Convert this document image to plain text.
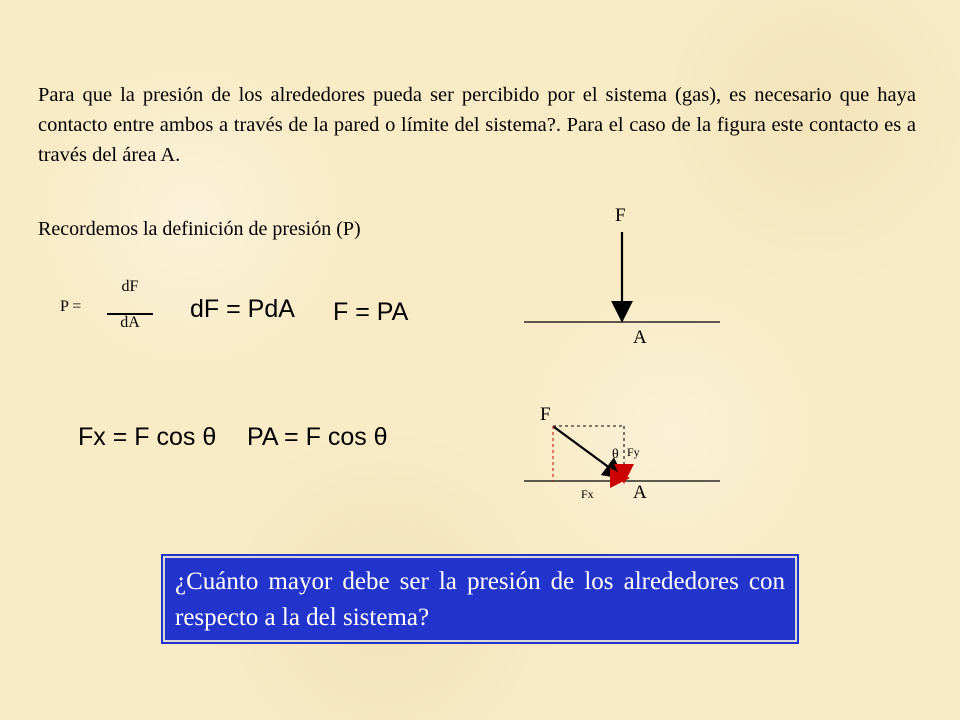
Para que la presión de los alrededores pueda ser percibido por el sistema (gas), es necesario que haya contacto entre ambos a través de la pared o límite del sistema?. Para el caso de la figura este contacto es a través del área A.
Recordemos la definición de presión (P)
P =
dF
dA	dF = PdA F = PA
Fx = F cos θ PA = F cos θ
F
A
F
θ Fy
Fx A
¿Cuánto mayor debe ser la presión de los alrededores con respecto a la del sistema?
